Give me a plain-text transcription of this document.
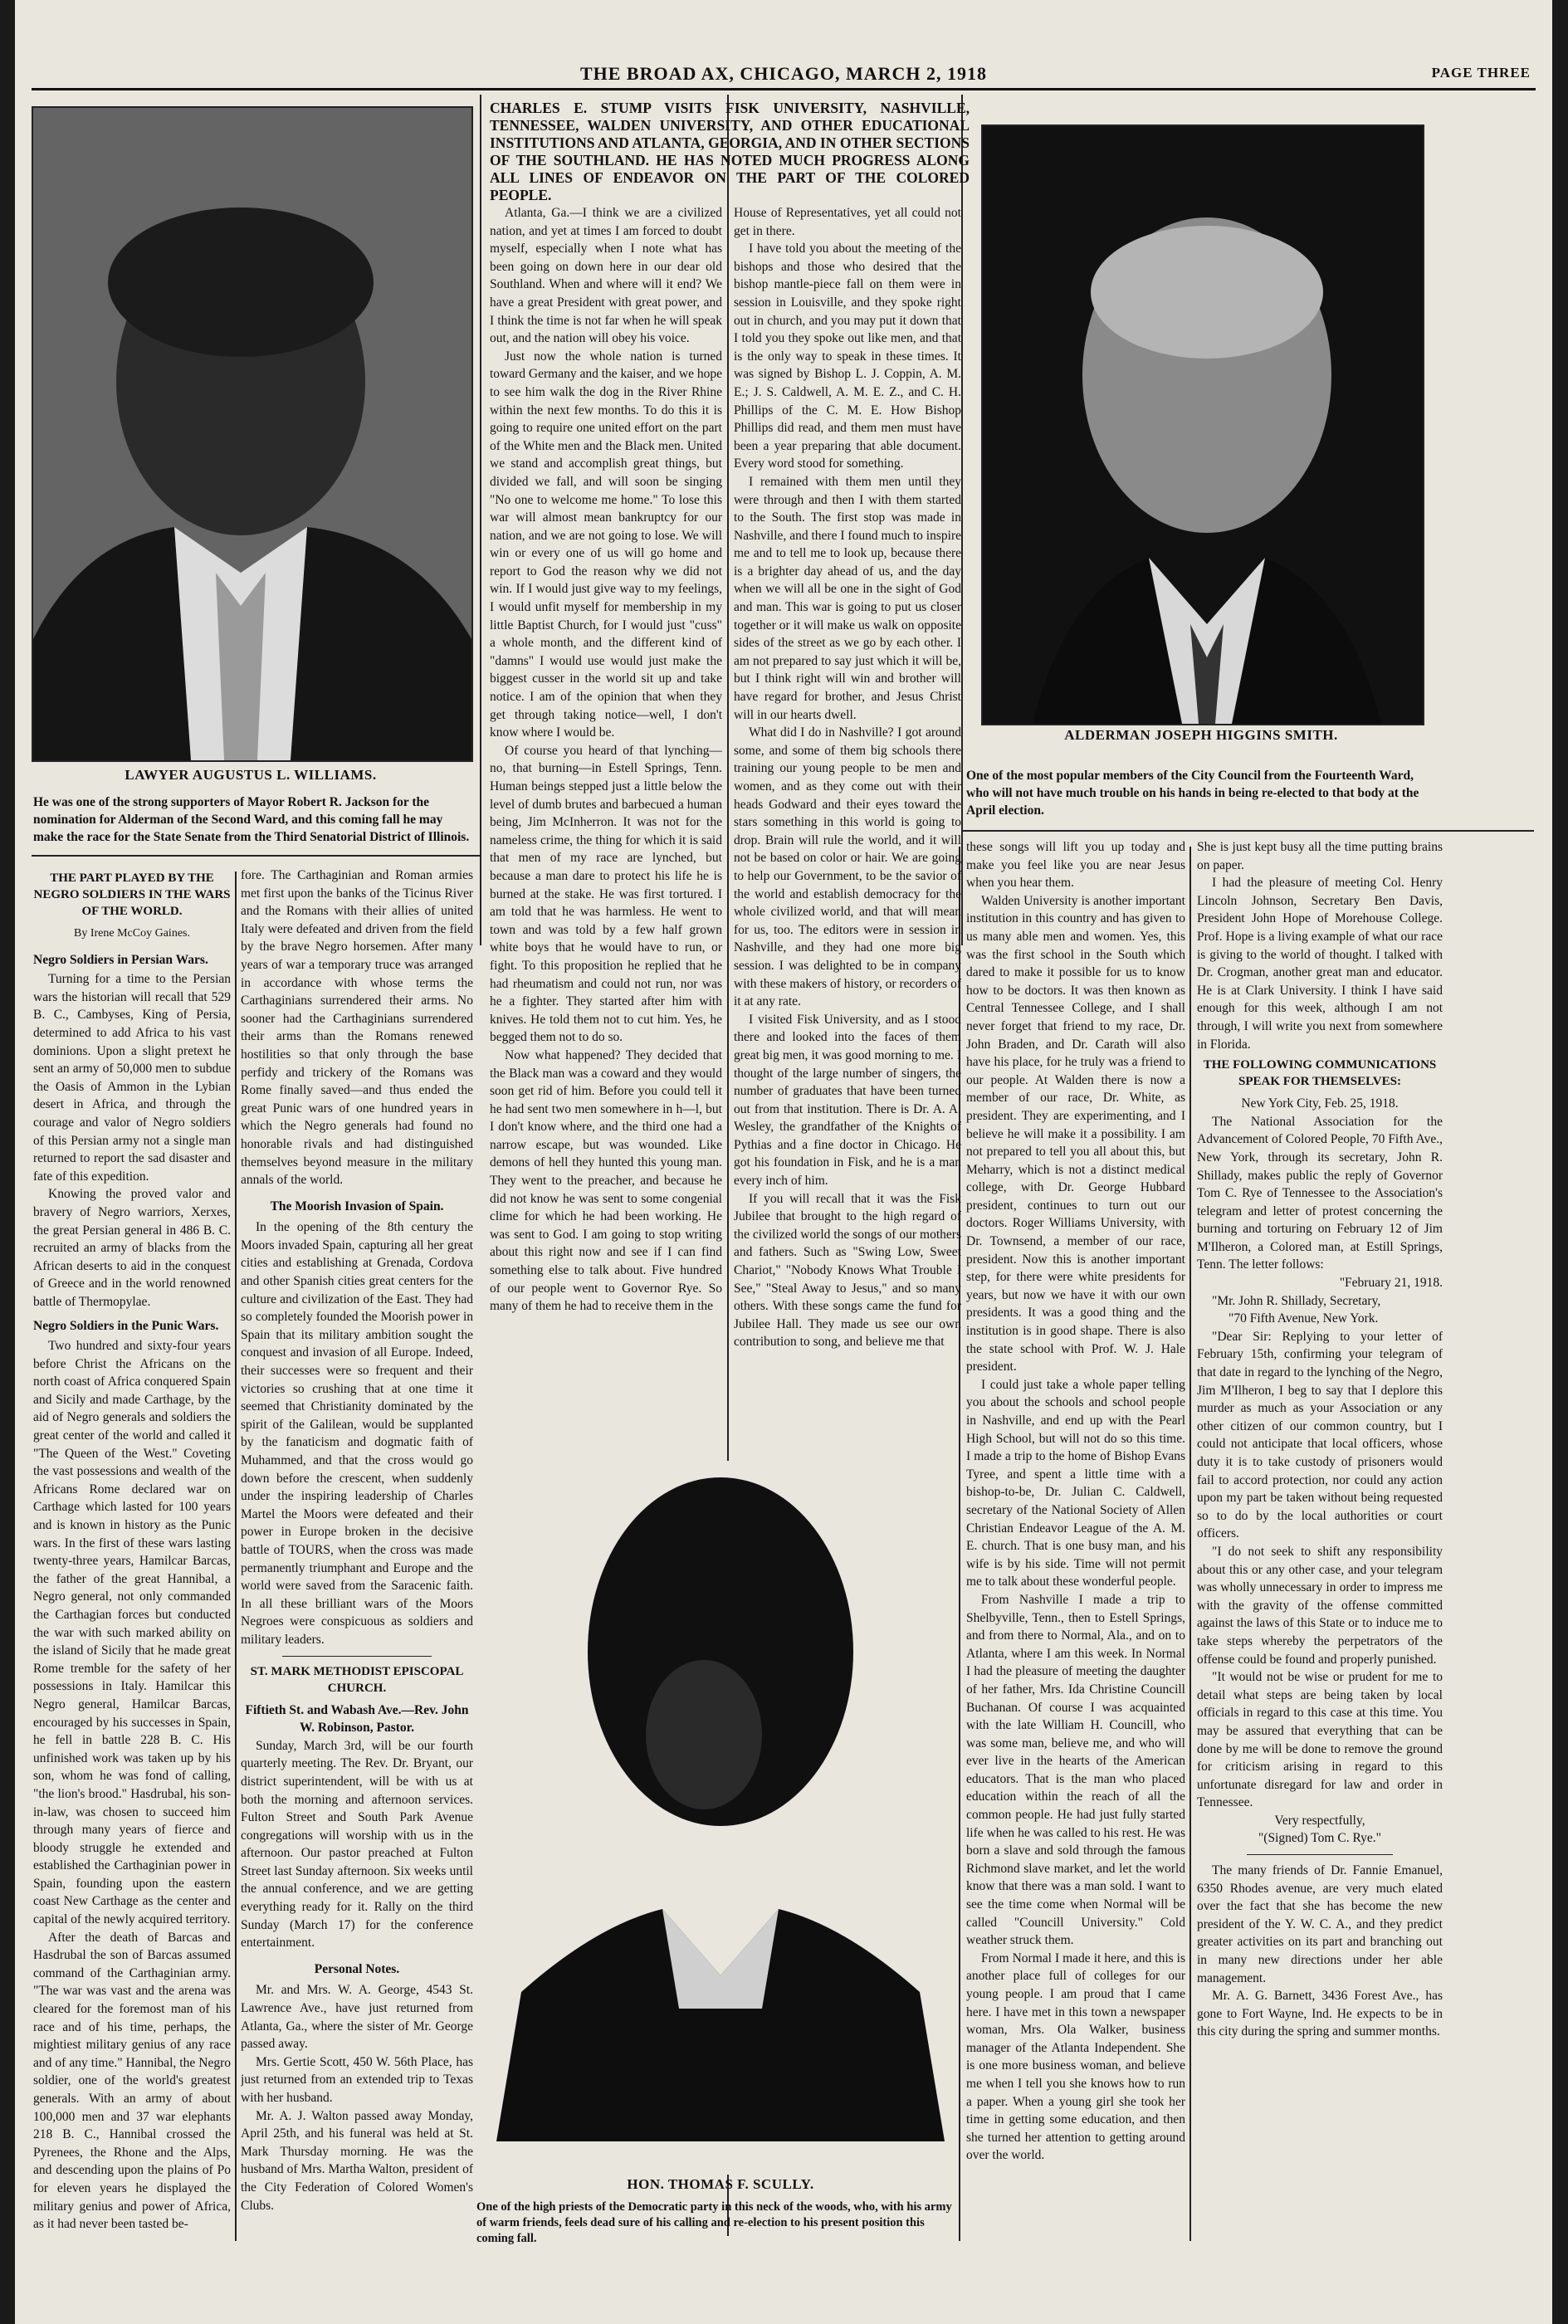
THE BROAD AX, CHICAGO, MARCH 2, 1918	PAGE THREE
LAWYER AUGUSTUS L. WILLIAMS.
He was one of the strong supporters of Mayor Robert R. Jackson for the nomination for Alderman of the Second Ward, and this coming fall he may make the race for the State Senate from the Third Senatorial District of Illinois.
ALDERMAN JOSEPH HIGGINS SMITH.
One of the most popular members of the City Council from the Fourteenth Ward, who will not have much trouble on his hands in being re-elected to that body at the April election.
CHARLES E. STUMP VISITS FISK UNIVERSITY, NASHVILLE, TENNESSEE, WALDEN UNIVERSITY, AND OTHER EDUCATIONAL INSTITUTIONS AND ATLANTA, GEORGIA, AND IN OTHER SECTIONS OF THE SOUTHLAND. HE HAS NOTED MUCH PROGRESS ALONG ALL LINES OF ENDEAVOR ON THE PART OF THE COLORED PEOPLE.

Atlanta, Ga.—I think we are a civilized nation, and yet at times I am forced to doubt myself, especially when I note what has been going on down here in our dear old Southland. When and where will it end? We have a great President with great power, and I think the time is not far when he will speak out, and the nation will obey his voice.

Just now the whole nation is turned toward Germany and the kaiser, and we hope to see him walk the dog in the River Rhine within the next few months. To do this it is going to require one united effort on the part of the White men and the Black men. United we stand and accomplish great things, but divided we fall, and will soon be singing "No one to welcome me home." To lose this war will almost mean bankruptcy for our nation, and we are not going to lose. We will win or every one of us will go home and report to God the reason why we did not win. If I would just give way to my feelings, I would unfit myself for membership in my little Baptist Church, for I would just "cuss" a whole month, and the different kind of "damns" I would use would just make the biggest cusser in the world sit up and take notice. I am of the opinion that when they get through taking notice—well, I don't know where I would be.

Of course you heard of that lynching—no, that burning—in Estell Springs, Tenn. Human beings stepped just a little below the level of dumb brutes and barbecued a human being, Jim McInherron. It was not for the nameless crime, the thing for which it is said that men of my race are lynched, but because a man dare to protect his life he is burned at the stake. He was first tortured. I am told that he was harmless. He went to town and was told by a few half grown white boys that he would have to run, or fight. To this proposition he replied that he had rheumatism and could not run, nor was he a fighter. They started after him with knives. He told them not to cut him. Yes, he begged them not to do so.

Now what happened? They decided that the Black man was a coward and they would soon get rid of him. Before you could tell it he had sent two men somewhere in h—l, but I don't know where, and the third one had a narrow escape, but was wounded. Like demons of hell they hunted this young man. They went to the preacher, and because he did not know he was sent to some congenial clime for which he had been working. He was sent to God. I am going to stop writing about this right now and see if I can find something else to talk about. Five hundred of our people went to Governor Rye. So many of them he had to receive them in the

House of Representatives, yet all could not get in there.

I have told you about the meeting of the bishops and those who desired that the bishop mantle-piece fall on them were in session in Louisville, and they spoke right out in church, and you may put it down that I told you they spoke out like men, and that is the only way to speak in these times. It was signed by Bishop L. J. Coppin, A. M. E.; J. S. Caldwell, A. M. E. Z., and C. H. Phillips of the C. M. E. How Bishop Phillips did read, and them men must have been a year preparing that able document. Every word stood for something.

I remained with them men until they were through and then I with them started to the South. The first stop was made in Nashville, and there I found much to inspire me and to tell me to look up, because there is a brighter day ahead of us, and the day when we will all be one in the sight of God and man. This war is going to put us closer together or it will make us walk on opposite sides of the street as we go by each other. I am not prepared to say just which it will be, but I think right will win and brother will have regard for brother, and Jesus Christ will in our hearts dwell.

What did I do in Nashville? I got around some, and some of them big schools there training our young people to be men and women, and as they come out with their heads Godward and their eyes toward the stars something in this world is going to drop. Brain will rule the world, and it will not be based on color or hair. We are going to help our Government, to be the savior of the world and establish democracy for the whole civilized world, and that will mean for us, too. The editors were in session in Nashville, and they had one more big session. I was delighted to be in company with these makers of history, or recorders of it at any rate.

I visited Fisk University, and as I stood there and looked into the faces of them great big men, it was good morning to me. I thought of the large number of singers, the number of graduates that have been turned out from that institution. There is Dr. A. A. Wesley, the grandfather of the Knights of Pythias and a fine doctor in Chicago. He got his foundation in Fisk, and he is a man every inch of him.

If you will recall that it was the Fisk Jubilee that brought to the high regard of the civilized world the songs of our mothers and fathers. Such as "Swing Low, Sweet Chariot," "Nobody Knows What Trouble I See," "Steal Away to Jesus," and so many others. With these songs came the fund for Jubilee Hall. They made us see our own contribution to song, and believe me that

these songs will lift you up today and make you feel like you are near Jesus when you hear them.

Walden University is another important institution in this country and has given to us many able men and women. Yes, this was the first school in the South which dared to make it possible for us to know how to be doctors. It was then known as Central Tennessee College, and I shall never forget that friend to my race, Dr. John Braden, and Dr. Carath will also have his place, for he truly was a friend to our people. At Walden there is now a member of our race, Dr. White, as president. They are experimenting, and I believe he will make it a possibility. I am not prepared to tell you all about this, but Meharry, which is not a distinct medical college, with Dr. George Hubbard president, continues to turn out our doctors. Roger Williams University, with Dr. Townsend, a member of our race, president. Now this is another important step, for there were white presidents for years, but now we have it with our own presidents. It was a good thing and the institution is in good shape. There is also the state school with Prof. W. J. Hale president.

I could just take a whole paper telling you about the schools and school people in Nashville, and end up with the Pearl High School, but will not do so this time. I made a trip to the home of Bishop Evans Tyree, and spent a little time with a bishop-to-be, Dr. Julian C. Caldwell, secretary of the National Society of Allen Christian Endeavor League of the A. M. E. church. That is one busy man, and his wife is by his side. Time will not permit me to talk about these wonderful people.

From Nashville I made a trip to Shelbyville, Tenn., then to Estell Springs, and from there to Normal, Ala., and on to Atlanta, where I am this week. In Normal I had the pleasure of meeting the daughter of her father, Mrs. Ida Christine Councill Buchanan. Of course I was acquainted with the late William H. Councill, who was some man, believe me, and who will ever live in the hearts of the American educators. That is the man who placed education within the reach of all the common people. He had just fully started life when he was called to his rest. He was born a slave and sold through the famous Richmond slave market, and let the world know that there was a man sold. I want to see the time come when Normal will be called "Councill University." Cold weather struck them.

From Normal I made it here, and this is another place full of colleges for our young people. I am proud that I came here. I have met in this town a newspaper woman, Mrs. Ola Walker, business manager of the Atlanta Independent. She is one more business woman, and believe me when I tell you she knows how to run a paper. When a young girl she took her time in getting some education, and then she turned her attention to getting around over the world.

She is just kept busy all the time putting brains on paper.

I had the pleasure of meeting Col. Henry Lincoln Johnson, Secretary Ben Davis, President John Hope of Morehouse College. Prof. Hope is a living example of what our race is giving to the world of thought. I talked with Dr. Crogman, another great man and educator. He is at Clark University. I think I have said enough for this week, although I am not through, I will write you next from somewhere in Florida.

THE FOLLOWING COMMUNICATIONS SPEAK FOR THEMSELVES:

New York City, Feb. 25, 1918.

The National Association for the Advancement of Colored People, 70 Fifth Ave., New York, through its secretary, John R. Shillady, makes public the reply of Governor Tom C. Rye of Tennessee to the Association's telegram and letter of protest concerning the burning and torturing on February 12 of Jim M'Ilheron, a Colored man, at Estill Springs, Tenn. The letter follows:

"February 21, 1918.

"Mr. John R. Shillady, Secretary,

"70 Fifth Avenue, New York.

"Dear Sir: Replying to your letter of February 15th, confirming your telegram of that date in regard to the lynching of the Negro, Jim M'Ilheron, I beg to say that I deplore this murder as much as your Association or any other citizen of our common country, but I could not anticipate that local officers, whose duty it is to take custody of prisoners would fail to accord protection, nor could any action upon my part be taken without being requested so to do by the local authorities or court officers.

"I do not seek to shift any responsibility about this or any other case, and your telegram was wholly unnecessary in order to impress me with the gravity of the offense committed against the laws of this State or to induce me to take steps whereby the perpetrators of the offense could be found and properly punished.

"It would not be wise or prudent for me to detail what steps are being taken by local officials in regard to this case at this time. You may be assured that everything that can be done by me will be done to remove the ground for criticism arising in regard to this unfortunate disregard for law and order in Tennessee.

Very respectfully,

"(Signed) Tom C. Rye."

The many friends of Dr. Fannie Emanuel, 6350 Rhodes avenue, are very much elated over the fact that she has become the new president of the Y. W. C. A., and they predict greater activities on its part and branching out in many new directions under her able management.

Mr. A. G. Barnett, 3436 Forest Ave., has gone to Fort Wayne, Ind. He expects to be in this city during the spring and summer months.

THE PART PLAYED BY THE NEGRO SOLDIERS IN THE WARS OF THE WORLD.
By Irene McCoy Gaines.
Negro Soldiers in Persian Wars.

Turning for a time to the Persian wars the historian will recall that 529 B. C., Cambyses, King of Persia, determined to add Africa to his vast dominions. Upon a slight pretext he sent an army of 50,000 men to subdue the Oasis of Ammon in the Lybian desert in Africa, and through the courage and valor of Negro soldiers of this Persian army not a single man returned to report the sad disaster and fate of this expedition.

Knowing the proved valor and bravery of Negro warriors, Xerxes, the great Persian general in 486 B. C. recruited an army of blacks from the African deserts to aid in the conquest of Greece and in the world renowned battle of Thermopylae.

Negro Soldiers in the Punic Wars.

Two hundred and sixty-four years before Christ the Africans on the north coast of Africa conquered Spain and Sicily and made Carthage, by the aid of Negro generals and soldiers the great center of the world and called it "The Queen of the West." Coveting the vast possessions and wealth of the Africans Rome declared war on Carthage which lasted for 100 years and is known in history as the Punic wars. In the first of these wars lasting twenty-three years, Hamilcar Barcas, the father of the great Hannibal, a Negro general, not only commanded the Carthagian forces but conducted the war with such marked ability on the island of Sicily that he made great Rome tremble for the safety of her possessions in Italy. Hamilcar this Negro general, Hamilcar Barcas, encouraged by his successes in Spain, he fell in battle 228 B. C. His unfinished work was taken up by his son, whom he was fond of calling, "the lion's brood." Hasdrubal, his son-in-law, was chosen to succeed him through many years of fierce and bloody struggle he extended and established the Carthaginian power in Spain, founding upon the eastern coast New Carthage as the center and capital of the newly acquired territory.

After the death of Barcas and Hasdrubal the son of Barcas assumed command of the Carthaginian army. "The war was vast and the arena was cleared for the foremost man of his race and of his time, perhaps, the mightiest military genius of any race and of any time." Hannibal, the Negro soldier, one of the world's greatest generals. With an army of about 100,000 men and 37 war elephants 218 B. C., Hannibal crossed the Pyrenees, the Rhone and the Alps, and descending upon the plains of Po for eleven years he displayed the military genius and power of Africa, as it had never been tasted be-

fore. The Carthaginian and Roman armies met first upon the banks of the Ticinus River and the Romans with their allies of united Italy were defeated and driven from the field by the brave Negro horsemen. After many years of war a temporary truce was arranged in accordance with whose terms the Carthaginians surrendered their arms. No sooner had the Carthaginians surrendered their arms than the Romans renewed hostilities so that only through the base perfidy and trickery of the Romans was Rome finally saved—and thus ended the great Punic wars of one hundred years in which the Negro generals had found no honorable rivals and had distinguished themselves beyond measure in the military annals of the world.

The Moorish Invasion of Spain.

In the opening of the 8th century the Moors invaded Spain, capturing all her great cities and establishing at Grenada, Cordova and other Spanish cities great centers for the culture and civilization of the East. They had so completely founded the Moorish power in Spain that its military ambition sought the conquest and invasion of all Europe. Indeed, their successes were so frequent and their victories so crushing that at one time it seemed that Christianity dominated by the spirit of the Galilean, would be supplanted by the fanaticism and dogmatic faith of Muhammed, and that the cross would go down before the crescent, when suddenly under the inspiring leadership of Charles Martel the Moors were defeated and their power in Europe broken in the decisive battle of TOURS, when the cross was made permanently triumphant and Europe and the world were saved from the Saracenic faith. In all these brilliant wars of the Moors Negroes were conspicuous as soldiers and military leaders.

ST. MARK METHODIST EPISCOPAL CHURCH.

Fiftieth St. and Wabash Ave.—Rev. John W. Robinson, Pastor.

Sunday, March 3rd, will be our fourth quarterly meeting. The Rev. Dr. Bryant, our district superintendent, will be with us at both the morning and afternoon services. Fulton Street and South Park Avenue congregations will worship with us in the afternoon. Our pastor preached at Fulton Street last Sunday afternoon. Six weeks until the annual conference, and we are getting everything ready for it. Rally on the third Sunday (March 17) for the conference entertainment.

Personal Notes.

Mr. and Mrs. W. A. George, 4543 St. Lawrence Ave., have just returned from Atlanta, Ga., where the sister of Mr. George passed away.

Mrs. Gertie Scott, 450 W. 56th Place, has just returned from an extended trip to Texas with her husband.

Mr. A. J. Walton passed away Monday, April 25th, and his funeral was held at St. Mark Thursday morning. He was the husband of Mrs. Martha Walton, president of the City Federation of Colored Women's Clubs.

HON. THOMAS F. SCULLY.
One of the high priests of the Democratic party in this neck of the woods, who, with his army of warm friends, feels dead sure of his calling and re-election to his present position this coming fall.
